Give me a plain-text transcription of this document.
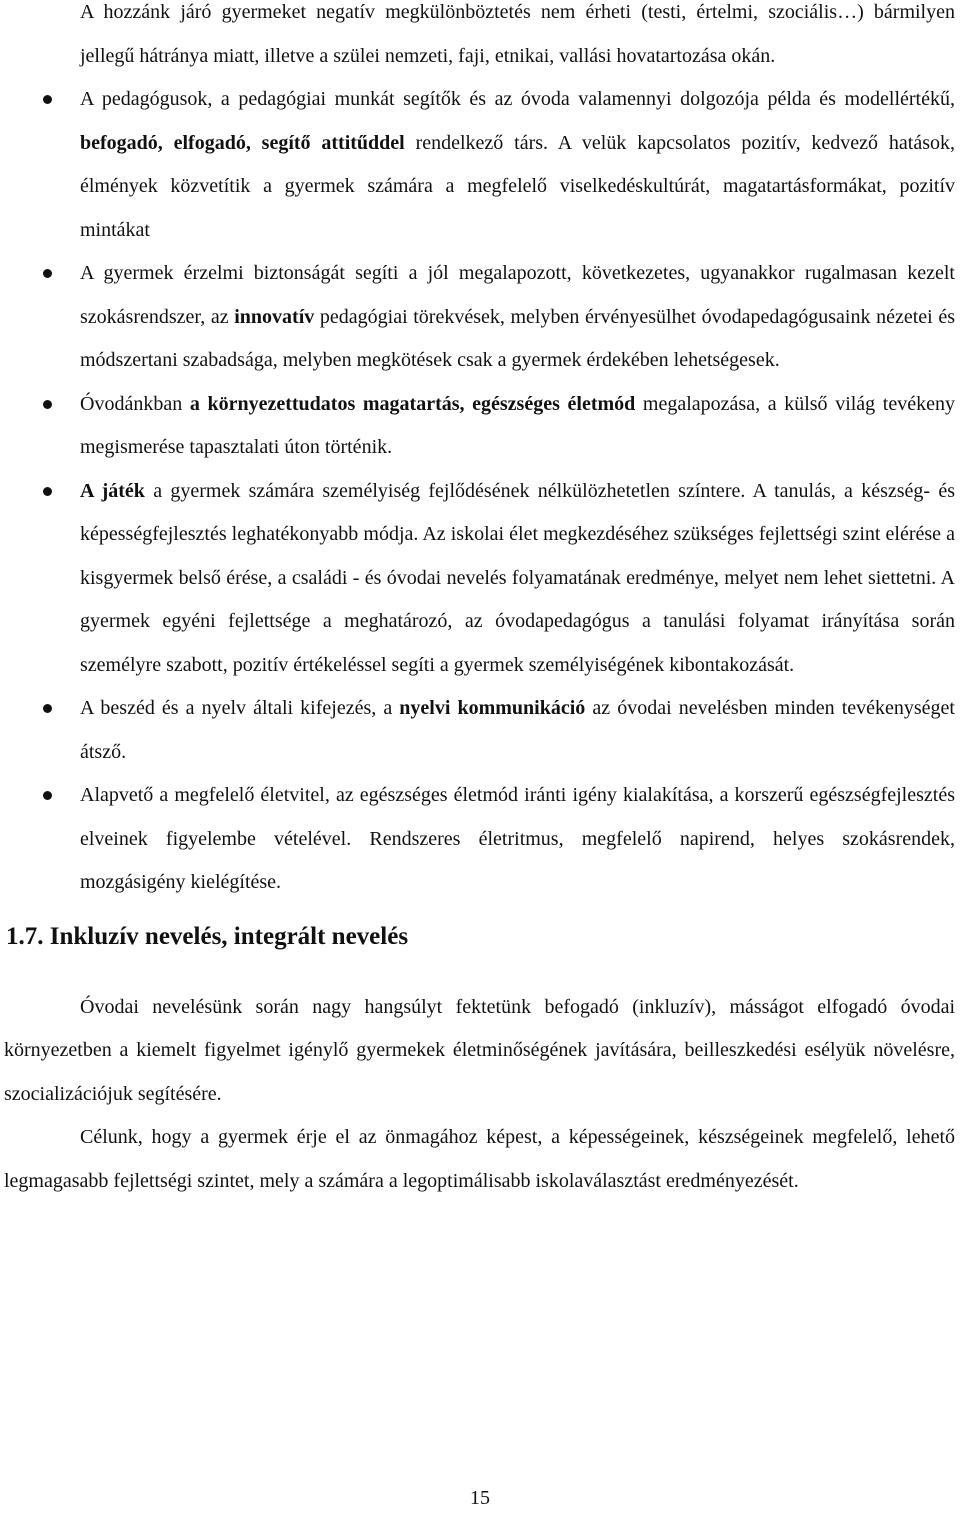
A hozzánk járó gyermeket negatív megkülönböztetés nem érheti (testi, értelmi, szociális…) bármilyen jellegű hátránya miatt, illetve a szülei nemzeti, faji, etnikai, vallási hovatartozása okán.

A pedagógusok, a pedagógiai munkát segítők és az óvoda valamennyi dolgozója példa és modellértékű, befogadó, elfogadó, segítő attitűddel rendelkező társ. A velük kapcsolatos pozitív, kedvező hatások, élmények közvetítik a gyermek számára a megfelelő viselkedéskultúrát, magatartásformákat, pozitív mintákat

A gyermek érzelmi biztonságát segíti a jól megalapozott, következetes, ugyanakkor rugalmasan kezelt szokásrendszer, az innovatív pedagógiai törekvések, melyben érvényesülhet óvodapedagógusaink nézetei és módszertani szabadsága, melyben megkötések csak a gyermek érdekében lehetségesek.

Óvodánkban a környezettudatos magatartás, egészséges életmód megalapozása, a külső világ tevékeny megismerése tapasztalati úton történik.

A játék a gyermek számára személyiség fejlődésének nélkülözhetetlen színtere. A tanulás, a készség- és képességfejlesztés leghatékonyabb módja. Az iskolai élet megkezdéséhez szükséges fejlettségi szint elérése a kisgyermek belső érése, a családi - és óvodai nevelés folyamatának eredménye, melyet nem lehet siettetni. A gyermek egyéni fejlettsége a meghatározó, az óvodapedagógus a tanulási folyamat irányítása során személyre szabott, pozitív értékeléssel segíti a gyermek személyiségének kibontakozását.

A beszéd és a nyelv általi kifejezés, a nyelvi kommunikáció az óvodai nevelésben minden tevékenységet átsző.

Alapvető a megfelelő életvitel, az egészséges életmód iránti igény kialakítása, a korszerű egészségfejlesztés elveinek figyelembe vételével. Rendszeres életritmus, megfelelő napirend, helyes szokásrendek, mozgásigény kielégítése.

1.7. Inkluzív nevelés, integrált nevelés

Óvodai nevelésünk során nagy hangsúlyt fektetünk befogadó (inkluzív), másságot elfogadó óvodai környezetben a kiemelt figyelmet igénylő gyermekek életminőségének javítására, beilleszkedési esélyük növelésre, szocializációjuk segítésére.

Célunk, hogy a gyermek érje el az önmagához képest, a képességeinek, készségeinek megfelelő, lehető legmagasabb fejlettségi szintet, mely a számára a legoptimálisabb iskolaválasztást eredményezését.

15
